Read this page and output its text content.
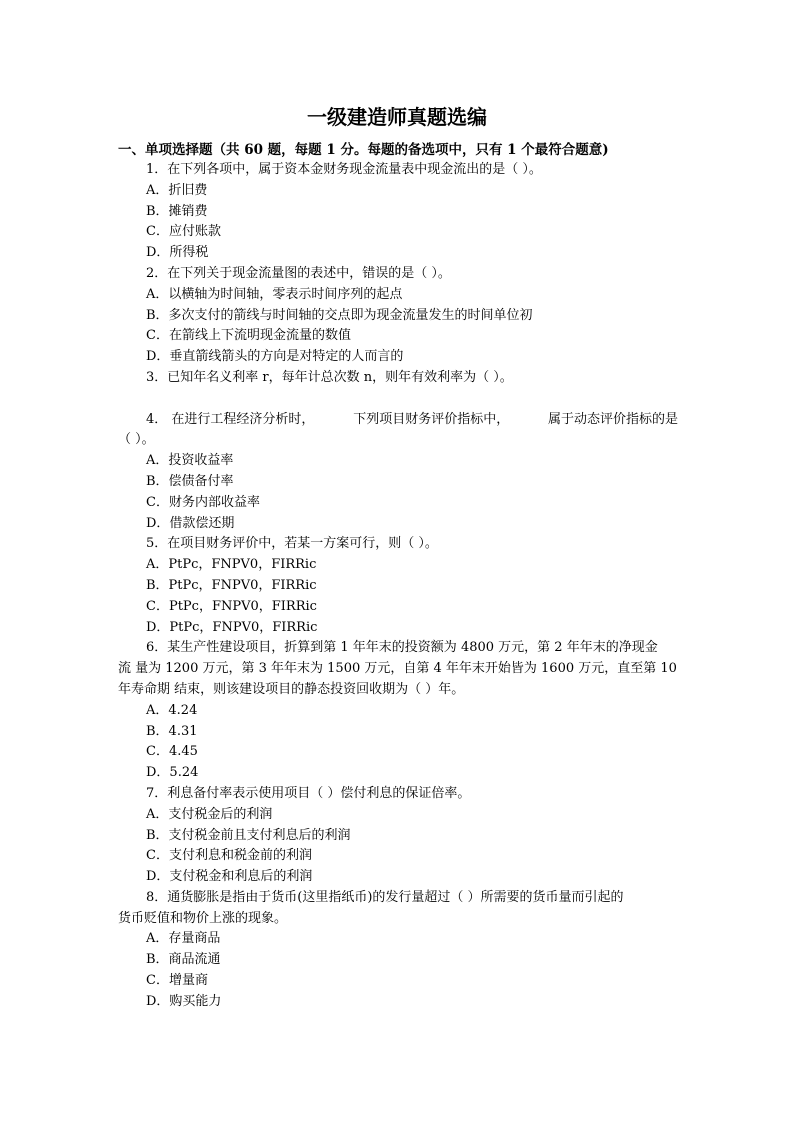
一级建造师真题选编
一、单项选择题（共 60 题，每题 1 分。每题的备选项中，只有 1 个最符合题意)
1．在下列各项中，属于资本金财务现金流量表中现金流出的是（ ）。
A．折旧费
B．摊销费
C．应付账款
D．所得税
2．在下列关于现金流量图的表述中，错误的是（ ）。
A．以横轴为时间轴，零表示时间序列的起点
B．多次支付的箭线与时间轴的交点即为现金流量发生的时间单位初
C．在箭线上下流明现金流量的数值
D．垂直箭线箭头的方向是对特定的人而言的
3．已知年名义利率 r，每年计总次数 n，则年有效利率为（ ）。
4． 在进行工程经济分析时，	下列项目财务评价指标中，	属于动态评价指标的是
（ ）。
A．投资收益率
B．偿债备付率
C．财务内部收益率
D．借款偿还期
5．在项目财务评价中，若某一方案可行，则（ ）。
A．PtPc，FNPV0，FIRRic
B．PtPc，FNPV0，FIRRic
C．PtPc，FNPV0，FIRRic
D．PtPc，FNPV0，FIRRic
6．某生产性建设项目，折算到第 1 年年末的投资额为 4800 万元，第 2 年年末的净现金
流 量为 1200 万元，第 3 年年末为 1500 万元，自第 4 年年末开始皆为 1600 万元，直至第 10
年寿命期 结束，则该建设项目的静态投资回收期为（ ）年。
A．4.24
B．4.31
C．4.45
D．5.24
7．利息备付率表示使用项目（ ）偿付利息的保证倍率。
A．支付税金后的利润
B．支付税金前且支付利息后的利润
C．支付利息和税金前的利润
D．支付税金和利息后的利润
8．通货膨胀是指由于货币(这里指纸币)的发行量超过（ ）所需要的货币量而引起的
货币贬值和物价上涨的现象。
A．存量商品
B．商品流通
C．增量商
D．购买能力
